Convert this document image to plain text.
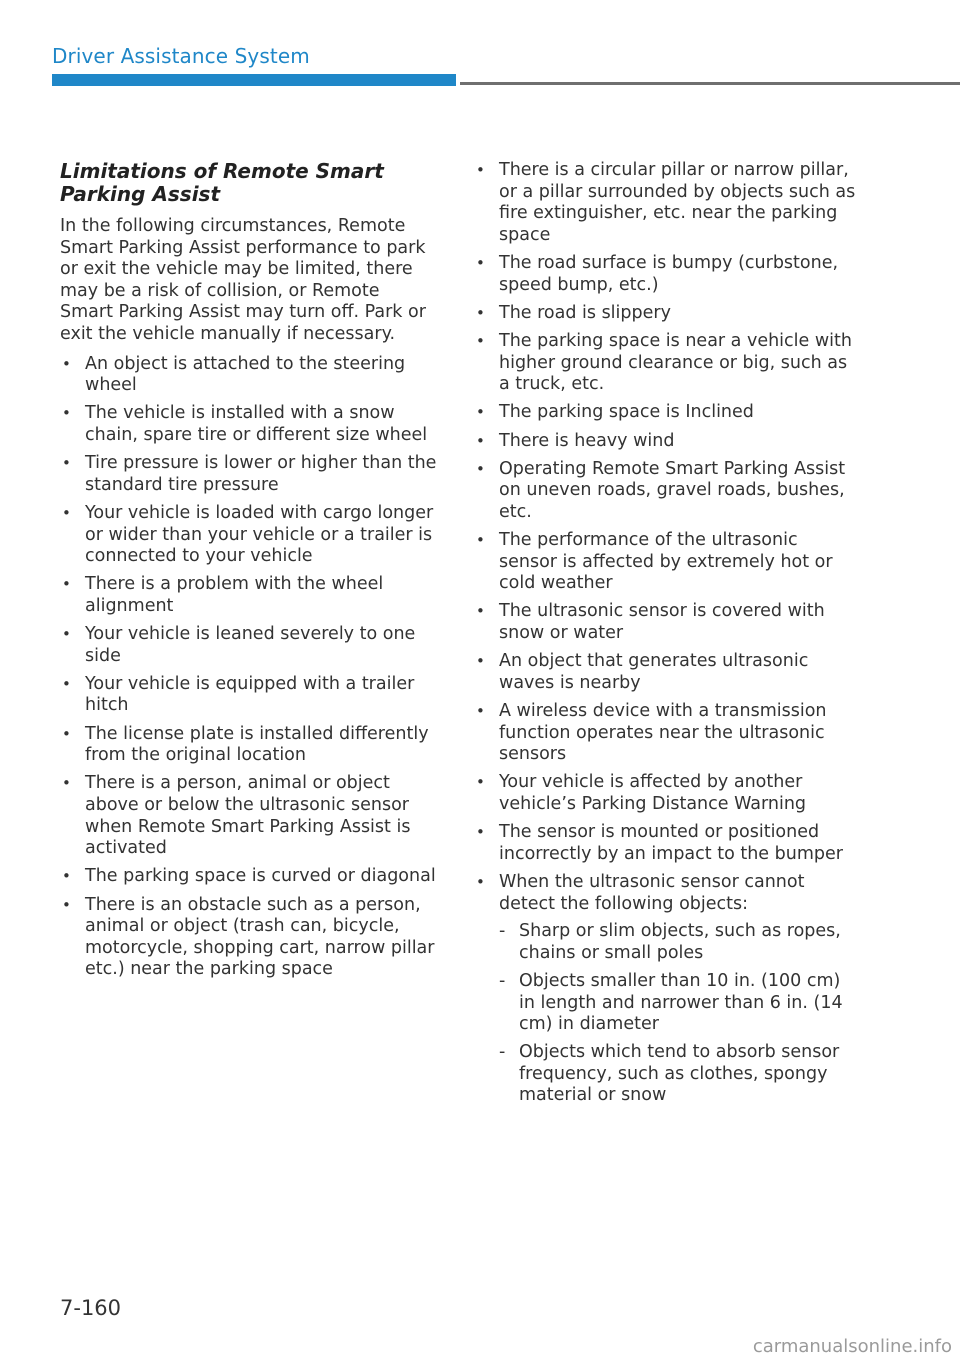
Driver Assistance System
Limitations of Remote Smart Parking Assist

In the following circumstances, Remote Smart Parking Assist performance to park or exit the vehicle may be limited, there may be a risk of collision, or Remote Smart Parking Assist may turn off. Park or exit the vehicle manually if necessary.

• An object is attached to the steering wheel
• The vehicle is installed with a snow chain, spare tire or different size wheel
• Tire pressure is lower or higher than the standard tire pressure
• Your vehicle is loaded with cargo longer or wider than your vehicle or a trailer is connected to your vehicle
• There is a problem with the wheel alignment
• Your vehicle is leaned severely to one side
• Your vehicle is equipped with a trailer hitch
• The license plate is installed differently from the original location
• There is a person, animal or object above or below the ultrasonic sensor when Remote Smart Parking Assist is activated
• The parking space is curved or diagonal
• There is an obstacle such as a person, animal or object (trash can, bicycle, motorcycle, shopping cart, narrow pillar etc.) near the parking space
• There is a circular pillar or narrow pillar, or a pillar surrounded by objects such as fire extinguisher, etc. near the parking space
• The road surface is bumpy (curbstone, speed bump, etc.)
• The road is slippery
• The parking space is near a vehicle with higher ground clearance or big, such as a truck, etc.
• The parking space is Inclined
• There is heavy wind
• Operating Remote Smart Parking Assist on uneven roads, gravel roads, bushes, etc.
• The performance of the ultrasonic sensor is affected by extremely hot or cold weather
• The ultrasonic sensor is covered with snow or water
• An object that generates ultrasonic waves is nearby
• A wireless device with a transmission function operates near the ultrasonic sensors
• Your vehicle is affected by another vehicle’s Parking Distance Warning
• The sensor is mounted or positioned incorrectly by an impact to the bumper
• When the ultrasonic sensor cannot detect the following objects:
- Sharp or slim objects, such as ropes, chains or small poles
- Objects smaller than 10 in. (100 cm) in length and narrower than 6 in. (14 cm) in diameter
- Objects which tend to absorb sensor frequency, such as clothes, spongy material or snow
7-160
carmanualsonline.info
